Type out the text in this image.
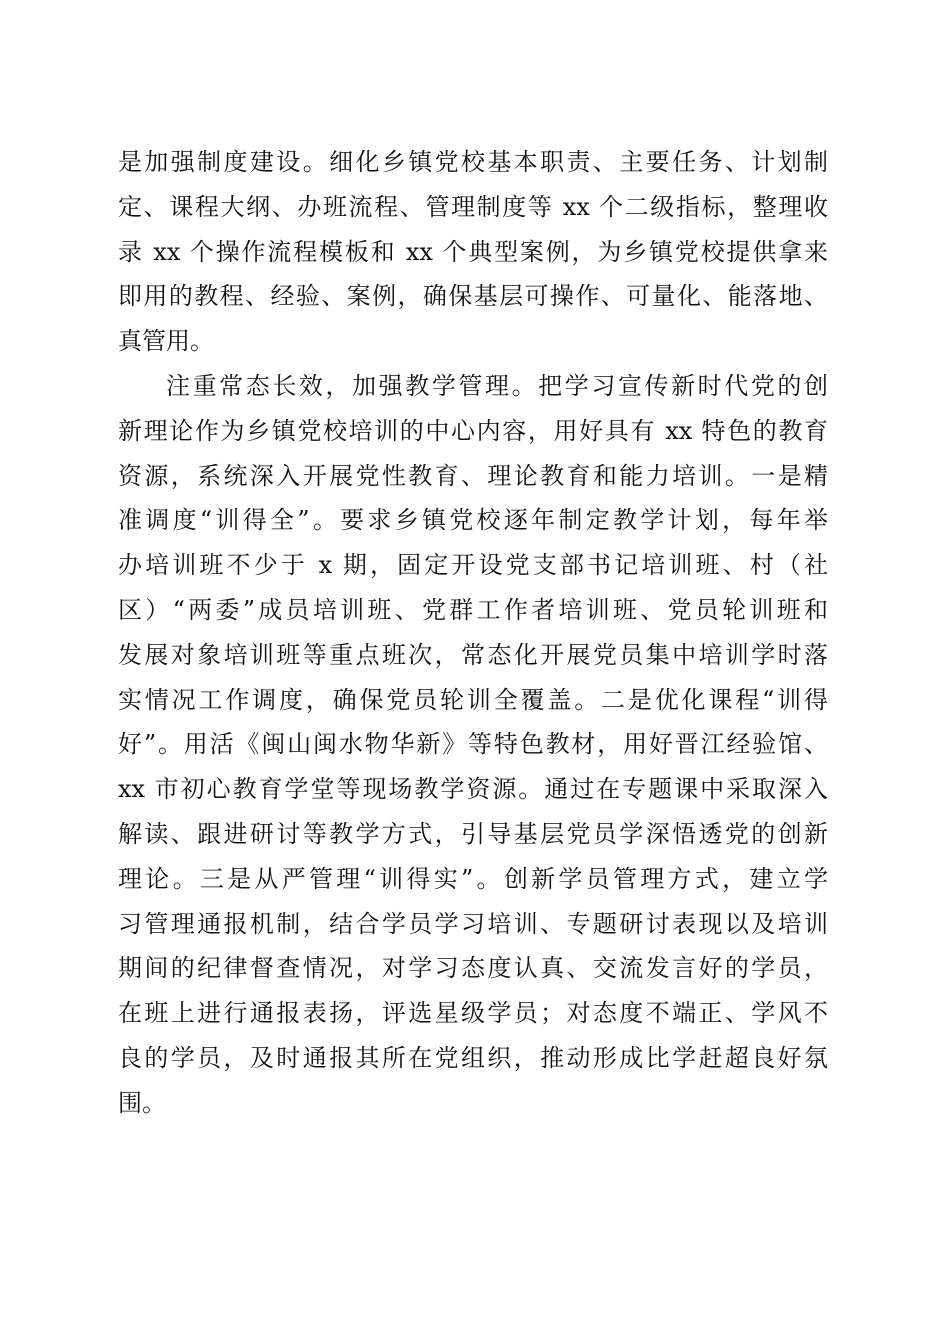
是加强制度建设。细化乡镇党校基本职责、主要任务、计划制
定、课程大纲、办班流程、管理制度等 xx 个二级指标，整理收
录 xx 个操作流程模板和 xx 个典型案例，为乡镇党校提供拿来
即用的教程、经验、案例，确保基层可操作、可量化、能落地、
真管用。
注重常态长效，加强教学管理。把学习宣传新时代党的创
新理论作为乡镇党校培训的中心内容，用好具有 xx 特色的教育
资源，系统深入开展党性教育、理论教育和能力培训。一是精
准调度“训得全”。要求乡镇党校逐年制定教学计划，每年举
办培训班不少于 x 期，固定开设党支部书记培训班、村（社
区）“两委”成员培训班、党群工作者培训班、党员轮训班和
发展对象培训班等重点班次，常态化开展党员集中培训学时落
实情况工作调度，确保党员轮训全覆盖。二是优化课程“训得
好”。用活《闽山闽水物华新》等特色教材，用好晋江经验馆、
xx 市初心教育学堂等现场教学资源。通过在专题课中采取深入
解读、跟进研讨等教学方式，引导基层党员学深悟透党的创新
理论。三是从严管理“训得实”。创新学员管理方式，建立学
习管理通报机制，结合学员学习培训、专题研讨表现以及培训
期间的纪律督查情况，对学习态度认真、交流发言好的学员，
在班上进行通报表扬，评选星级学员；对态度不端正、学风不
良的学员，及时通报其所在党组织，推动形成比学赶超良好氛
围。
